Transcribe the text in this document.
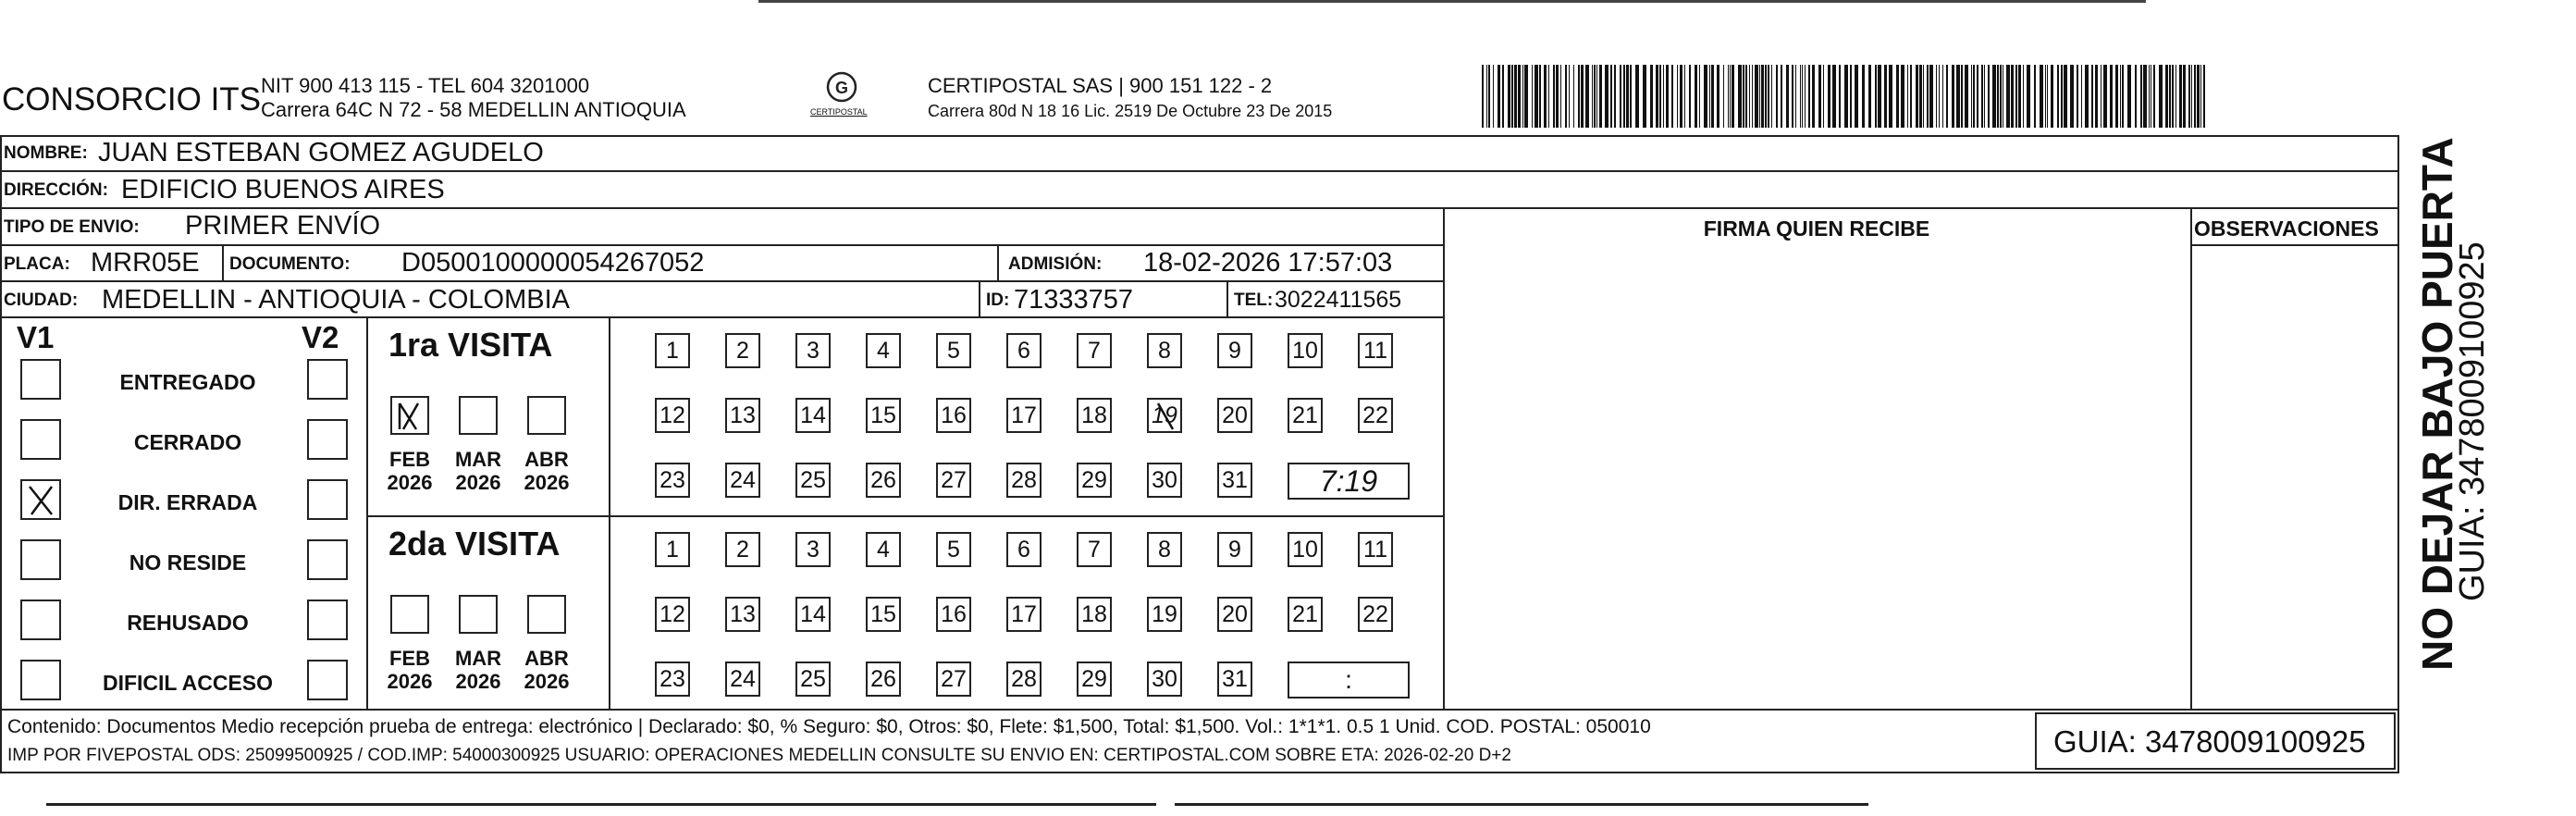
CONSORCIO ITS NIT 900 413 115 - TEL 604 3201000
Carrera 64C N 72 - 58 MEDELLIN ANTIOQUIA
G
CERTIPOSTAL
CERTIPOSTAL SAS | 900 151 122 - 2
Carrera 80d N 18 16 Lic. 2519 De Octubre 23 De 2015
NOMBRE: JUAN ESTEBAN GOMEZ AGUDELO
DIRECCIÓN: EDIFICIO BUENOS AIRES
TIPO DE ENVIO: PRIMER ENVÍO	FIRMA QUIEN RECIBE	OBSERVACIONES
PLACA: MRR05E DOCUMENTO: D0500100000054267052	ADMISIÓN: 18-02-2026 17:57:03
CIUDAD: MEDELLIN - ANTIOQUIA - COLOMBIA	ID: 71333757	TEL: 3022411565
V1	V2
ENTREGADO
CERRADO
DIR. ERRADA
NO RESIDE
REHUSADO
DIFICIL ACCESO
1ra VISITA
FEB
2026
MAR
2026
ABR
2026
1	2	3	4	5	6	7	8	9	10 11
12 13 14 15 16 17 18 19 20 21 22
23 24 25 26 27 28 29 30 31	7:19
2da VISITA
FEB
2026
MAR
2026
ABR
2026
1	2	3	4	5	6	7	8	9	10 11
12 13 14 15 16 17 18 19 20 21 22
23 24 25 26 27 28 29 30 31	:
Contenido: Documentos Medio recepción prueba de entrega: electrónico | Declarado: $0, % Seguro: $0, Otros: $0, Flete: $1,500, Total: $1,500. Vol.: 1*1*1. 0.5 1 Unid. COD. POSTAL: 050010
IMP POR FIVEPOSTAL ODS: 25099500925 / COD.IMP: 54000300925 USUARIO: OPERACIONES MEDELLIN CONSULTE SU ENVIO EN: CERTIPOSTAL.COM SOBRE ETA: 2026-02-20 D+2	GUIA: 3478009100925
NO DEJAR BAJO PUERTA
GUIA: 3478009100925
